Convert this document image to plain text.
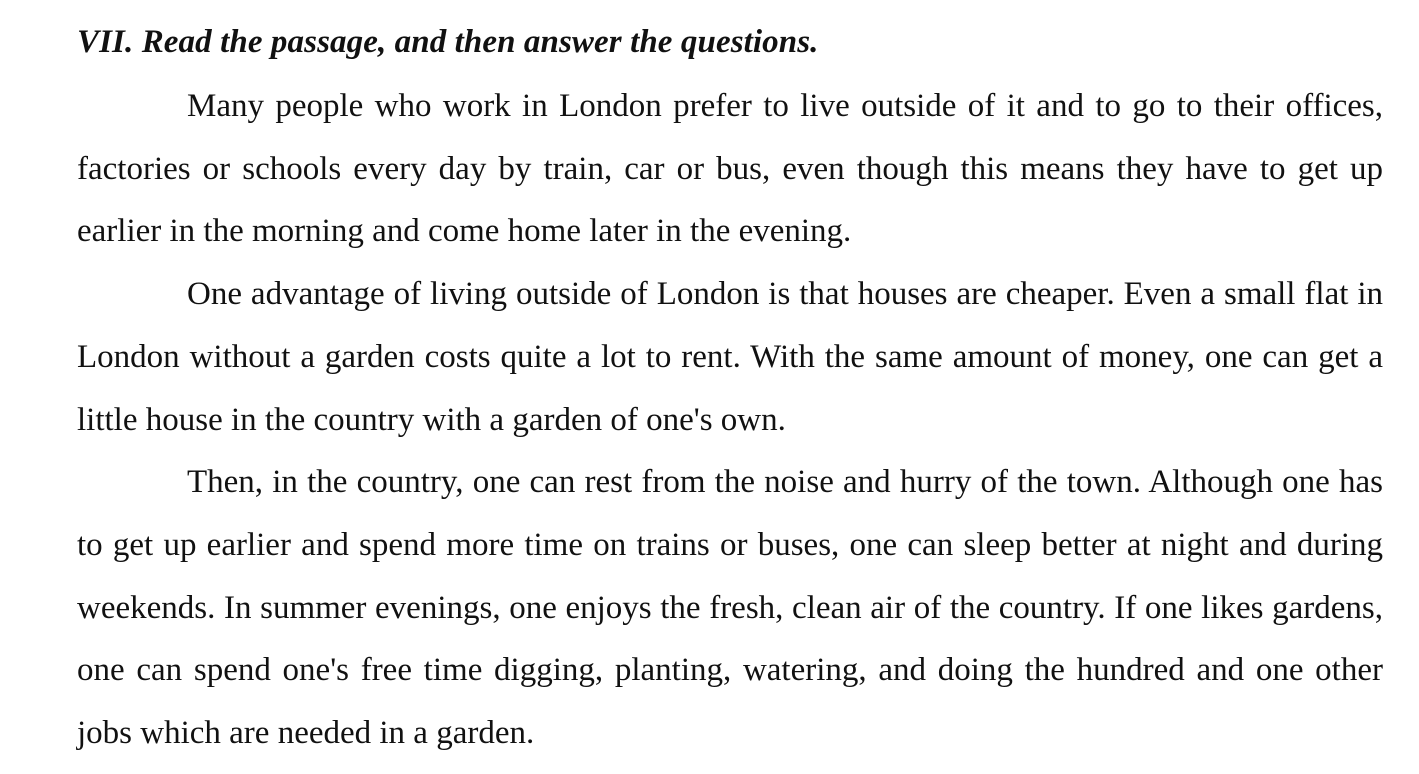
VII. Read the passage, and then answer the questions.

Many people who work in London prefer to live outside of it and to go to their offices, factories or schools every day by train, car or bus, even though this means they have to get up earlier in the morning and come home later in the evening.

One advantage of living outside of London is that houses are cheaper. Even a small flat in London without a garden costs quite a lot to rent. With the same amount of money, one can get a little house in the country with a garden of one's own.

Then, in the country, one can rest from the noise and hurry of the town. Although one has to get up earlier and spend more time on trains or buses, one can sleep better at night and during weekends. In summer evenings, one enjoys the fresh, clean air of the country. If one likes gardens, one can spend one's free time digging, planting, watering, and doing the hundred and one other jobs which are needed in a garden.
